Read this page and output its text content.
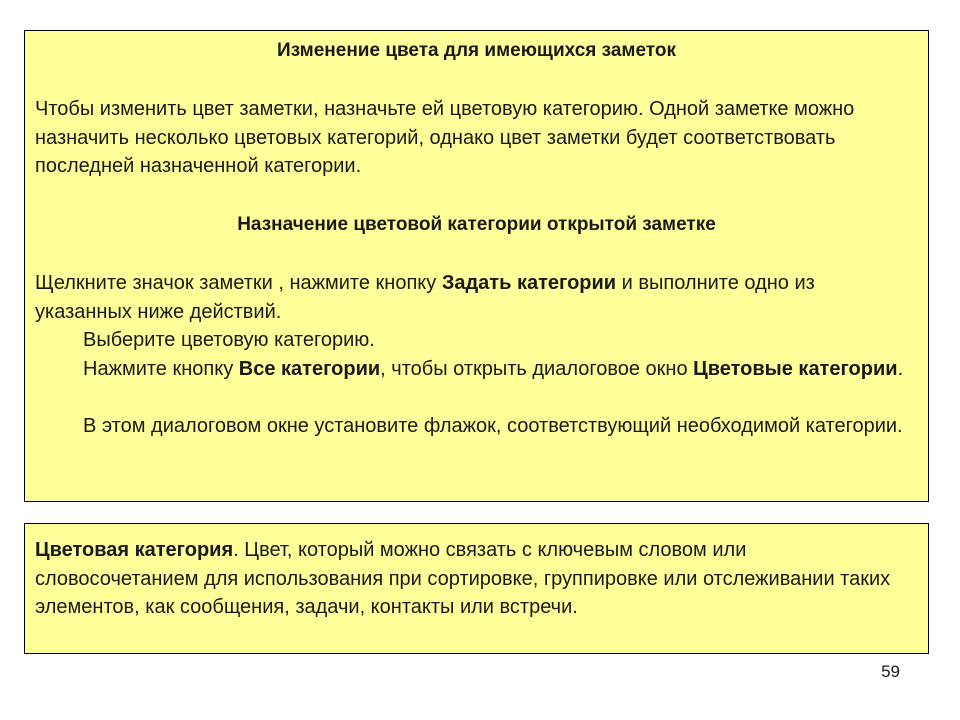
Изменение цвета для имеющихся заметок

Чтобы изменить цвет заметки, назначьте ей цветовую категорию. Одной заметке можно назначить несколько цветовых категорий, однако цвет заметки будет соответствовать последней назначенной категории.

Назначение цветовой категории открытой заметке

Щелкните значок заметки , нажмите кнопку Задать категории и выполните одно из указанных ниже действий.

Выберите цветовую категорию.

Нажмите кнопку Все категории, чтобы открыть диалоговое окно Цветовые категории.

В этом диалоговом окне установите флажок, соответствующий необходимой категории.

Цветовая категория. Цвет, который можно связать с ключевым словом или словосочетанием для использования при сортировке, группировке или отслеживании таких элементов, как сообщения, задачи, контакты или встречи.

59
